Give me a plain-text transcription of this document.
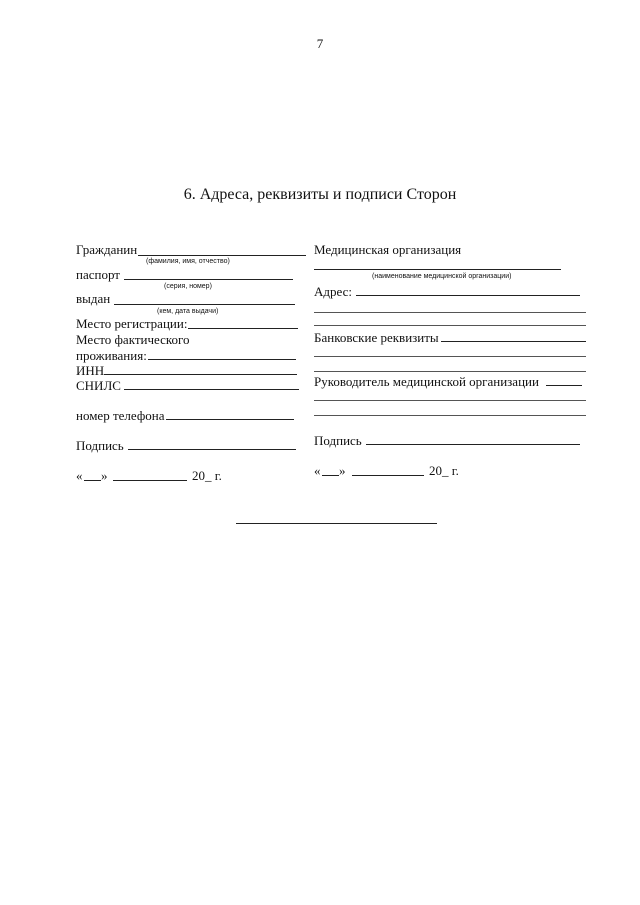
7
6. Адреса, реквизиты и подписи Сторон
Гражданин
(фамилия, имя, отчество)
паспорт
(серия, номер)
выдан
(кем, дата выдачи)
Место регистрации:
Место фактического
проживания:
ИНН
СНИЛС
номер телефона
Подпись
« »	20_ г.
Медицинская организация
(наименование медицинской организации)
Адрес:
Банковские реквизиты
Руководитель медицинской организации
Подпись
« »	20_ г.
